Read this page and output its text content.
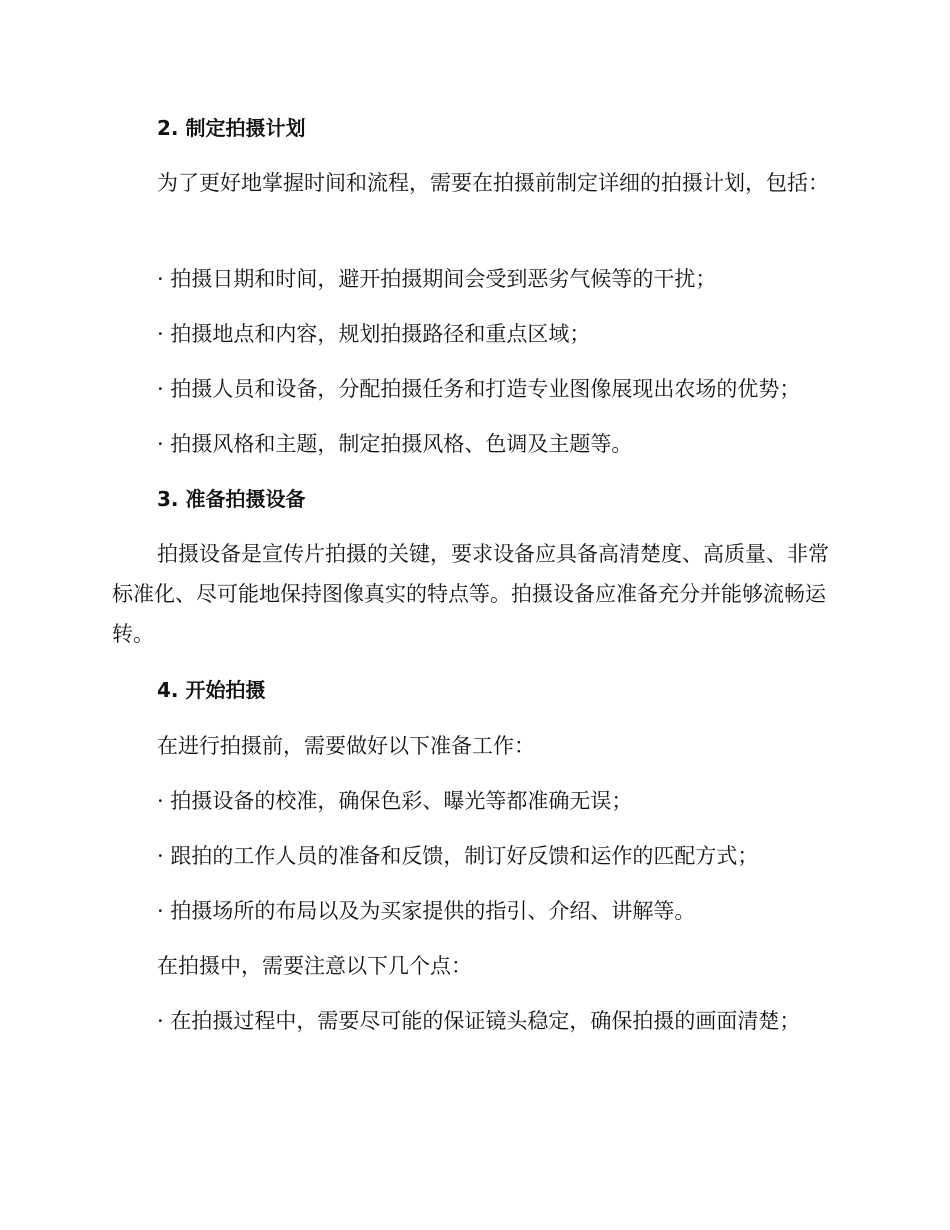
2. 制定拍摄计划

为了更好地掌握时间和流程，需要在拍摄前制定详细的拍摄计划，包括：

· 拍摄日期和时间，避开拍摄期间会受到恶劣气候等的干扰；

· 拍摄地点和内容，规划拍摄路径和重点区域；

· 拍摄人员和设备，分配拍摄任务和打造专业图像展现出农场的优势；

· 拍摄风格和主题，制定拍摄风格、色调及主题等。

3. 准备拍摄设备

拍摄设备是宣传片拍摄的关键，要求设备应具备高清楚度、高质量、非常标准化、尽可能地保持图像真实的特点等。拍摄设备应准备充分并能够流畅运转。

4. 开始拍摄

在进行拍摄前，需要做好以下准备工作：

· 拍摄设备的校准，确保色彩、曝光等都准确无误；

· 跟拍的工作人员的准备和反馈，制订好反馈和运作的匹配方式；

· 拍摄场所的布局以及为买家提供的指引、介绍、讲解等。

在拍摄中，需要注意以下几个点：

· 在拍摄过程中，需要尽可能的保证镜头稳定，确保拍摄的画面清楚；
